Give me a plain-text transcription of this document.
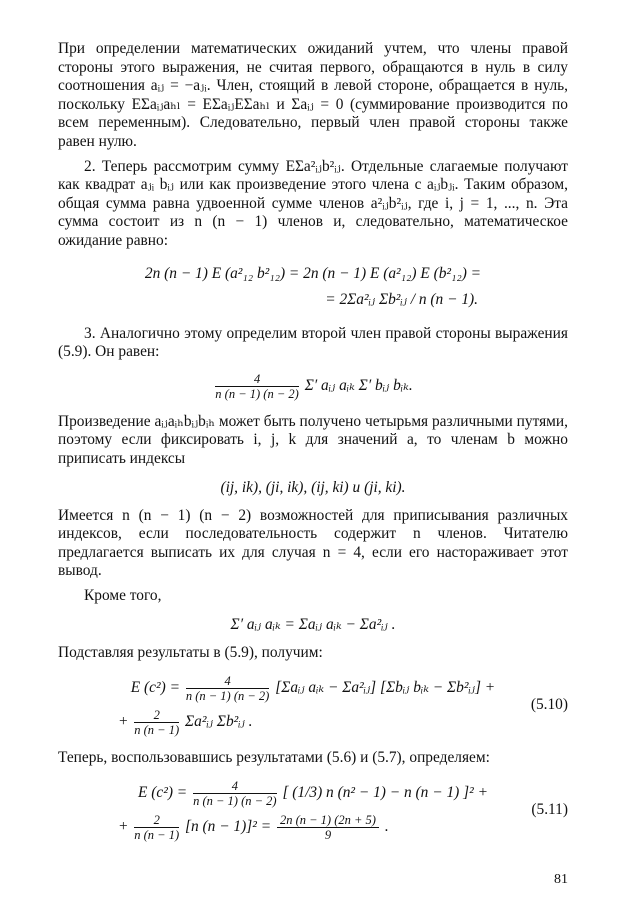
При определении математических ожиданий учтем, что члены правой стороны этого выражения, не считая первого, обращаются в нуль в силу соотношения aᵢⱼ = −aⱼᵢ. Член, стоящий в левой стороне, обращается в нуль, поскольку EΣaᵢⱼaₕₗ = EΣaᵢⱼEΣaₕₗ и Σaᵢⱼ = 0 (суммирование производится по всем переменным). Следовательно, первый член правой стороны также равен нулю.

2. Теперь рассмотрим сумму EΣa²ᵢⱼb²ᵢⱼ. Отдельные слагаемые получают как квадрат aⱼᵢ bᵢⱼ или как произведение этого члена с aᵢⱼbⱼᵢ. Таким образом, общая сумма равна удвоенной сумме членов a²ᵢⱼb²ᵢⱼ, где i, j = 1, ..., n. Эта сумма состоит из n (n − 1) членов и, следовательно, математическое ожидание равно:

2n (n − 1) E (a²₁₂ b²₁₂) = 2n (n − 1) E (a²₁₂) E (b²₁₂) =
= 2Σa²ᵢⱼ Σb²ᵢⱼ / n (n − 1).

3. Аналогично этому определим второй член правой стороны выражения (5.9). Он равен:

$\frac{4}{n (n - 1) (n - 2)} \Sigma'$ aᵢⱼ aᵢₖ Σ′ bᵢⱼ bᵢₖ.

Произведение aᵢⱼaᵢₕbᵢⱼbᵢₕ может быть получено четырьмя различными путями, поэтому если фиксировать i, j, k для значений a, то членам b можно приписать индексы

(ij, ik), (ji, ik), (ij, ki) и (ji, ki).

Имеется n (n − 1) (n − 2) возможностей для приписывания различных индексов, если последовательность содержит n членов. Читателю предлагается выписать их для случая n = 4, если его настораживает этот вывод.

Кроме того,

Σ′ aᵢⱼ aᵢₖ = Σaᵢⱼ aᵢₖ − Σa²ᵢⱼ .

Подставляя результаты в (5.9), получим:

E $(c^2) = \frac{4}{n (n - 1) (n - 2)}$ [Σaᵢⱼ aᵢₖ − Σa²ᵢⱼ] [Σbᵢⱼ bᵢₖ − Σb²ᵢⱼ] +
+ $\frac{2}{n (n - 1)}$ Σa²ᵢⱼ Σb²ᵢⱼ .
(5.10)

Теперь, воспользовавшись результатами (5.6) и (5.7), определяем:

E $(c^2) = \frac{4}{n (n - 1) (n - 2)}$ [ (1/3) n (n² − 1) − n (n − 1) ]² +
+ $\frac{2}{n (n - 1)} [n$ $(n - 1)]^2 = \frac{2n (n - 1) (2n + 5)}{9}$ .
(5.11)
81
